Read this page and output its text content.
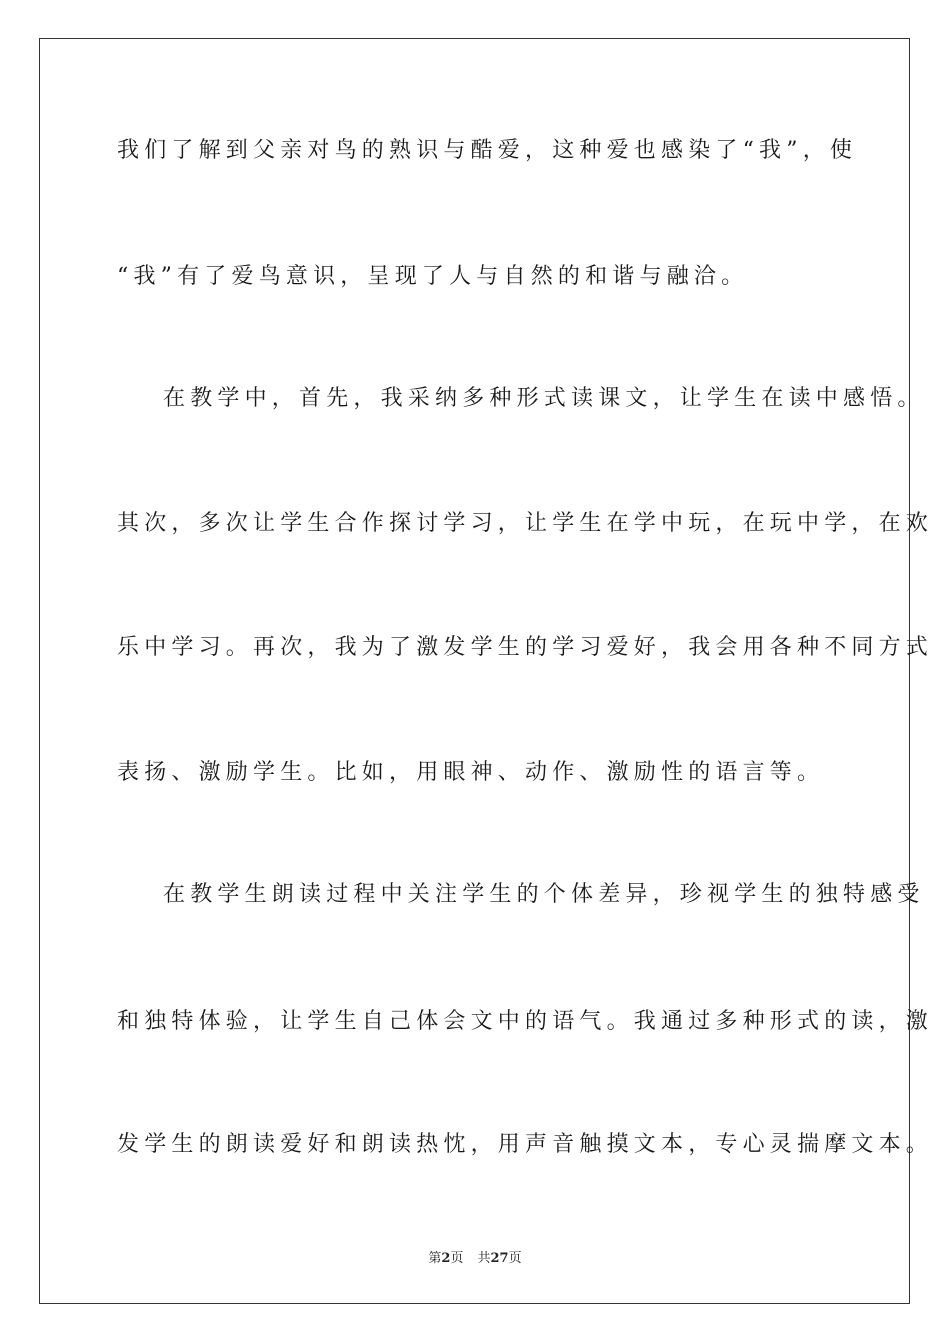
我们了解到父亲对鸟的熟识与酷爱，这种爱也感染了“我”，使
“我”有了爱鸟意识，呈现了人与自然的和谐与融洽。
在教学中，首先，我采纳多种形式读课文，让学生在读中感悟。
其次，多次让学生合作探讨学习，让学生在学中玩，在玩中学，在欢
乐中学习。再次，我为了激发学生的学习爱好，我会用各种不同方式
表扬、激励学生。比如，用眼神、动作、激励性的语言等。
在教学生朗读过程中关注学生的个体差异，珍视学生的独特感受
和独特体验，让学生自己体会文中的语气。我通过多种形式的读，激
发学生的朗读爱好和朗读热忱，用声音触摸文本，专心灵揣摩文本。
第2页 共27页
